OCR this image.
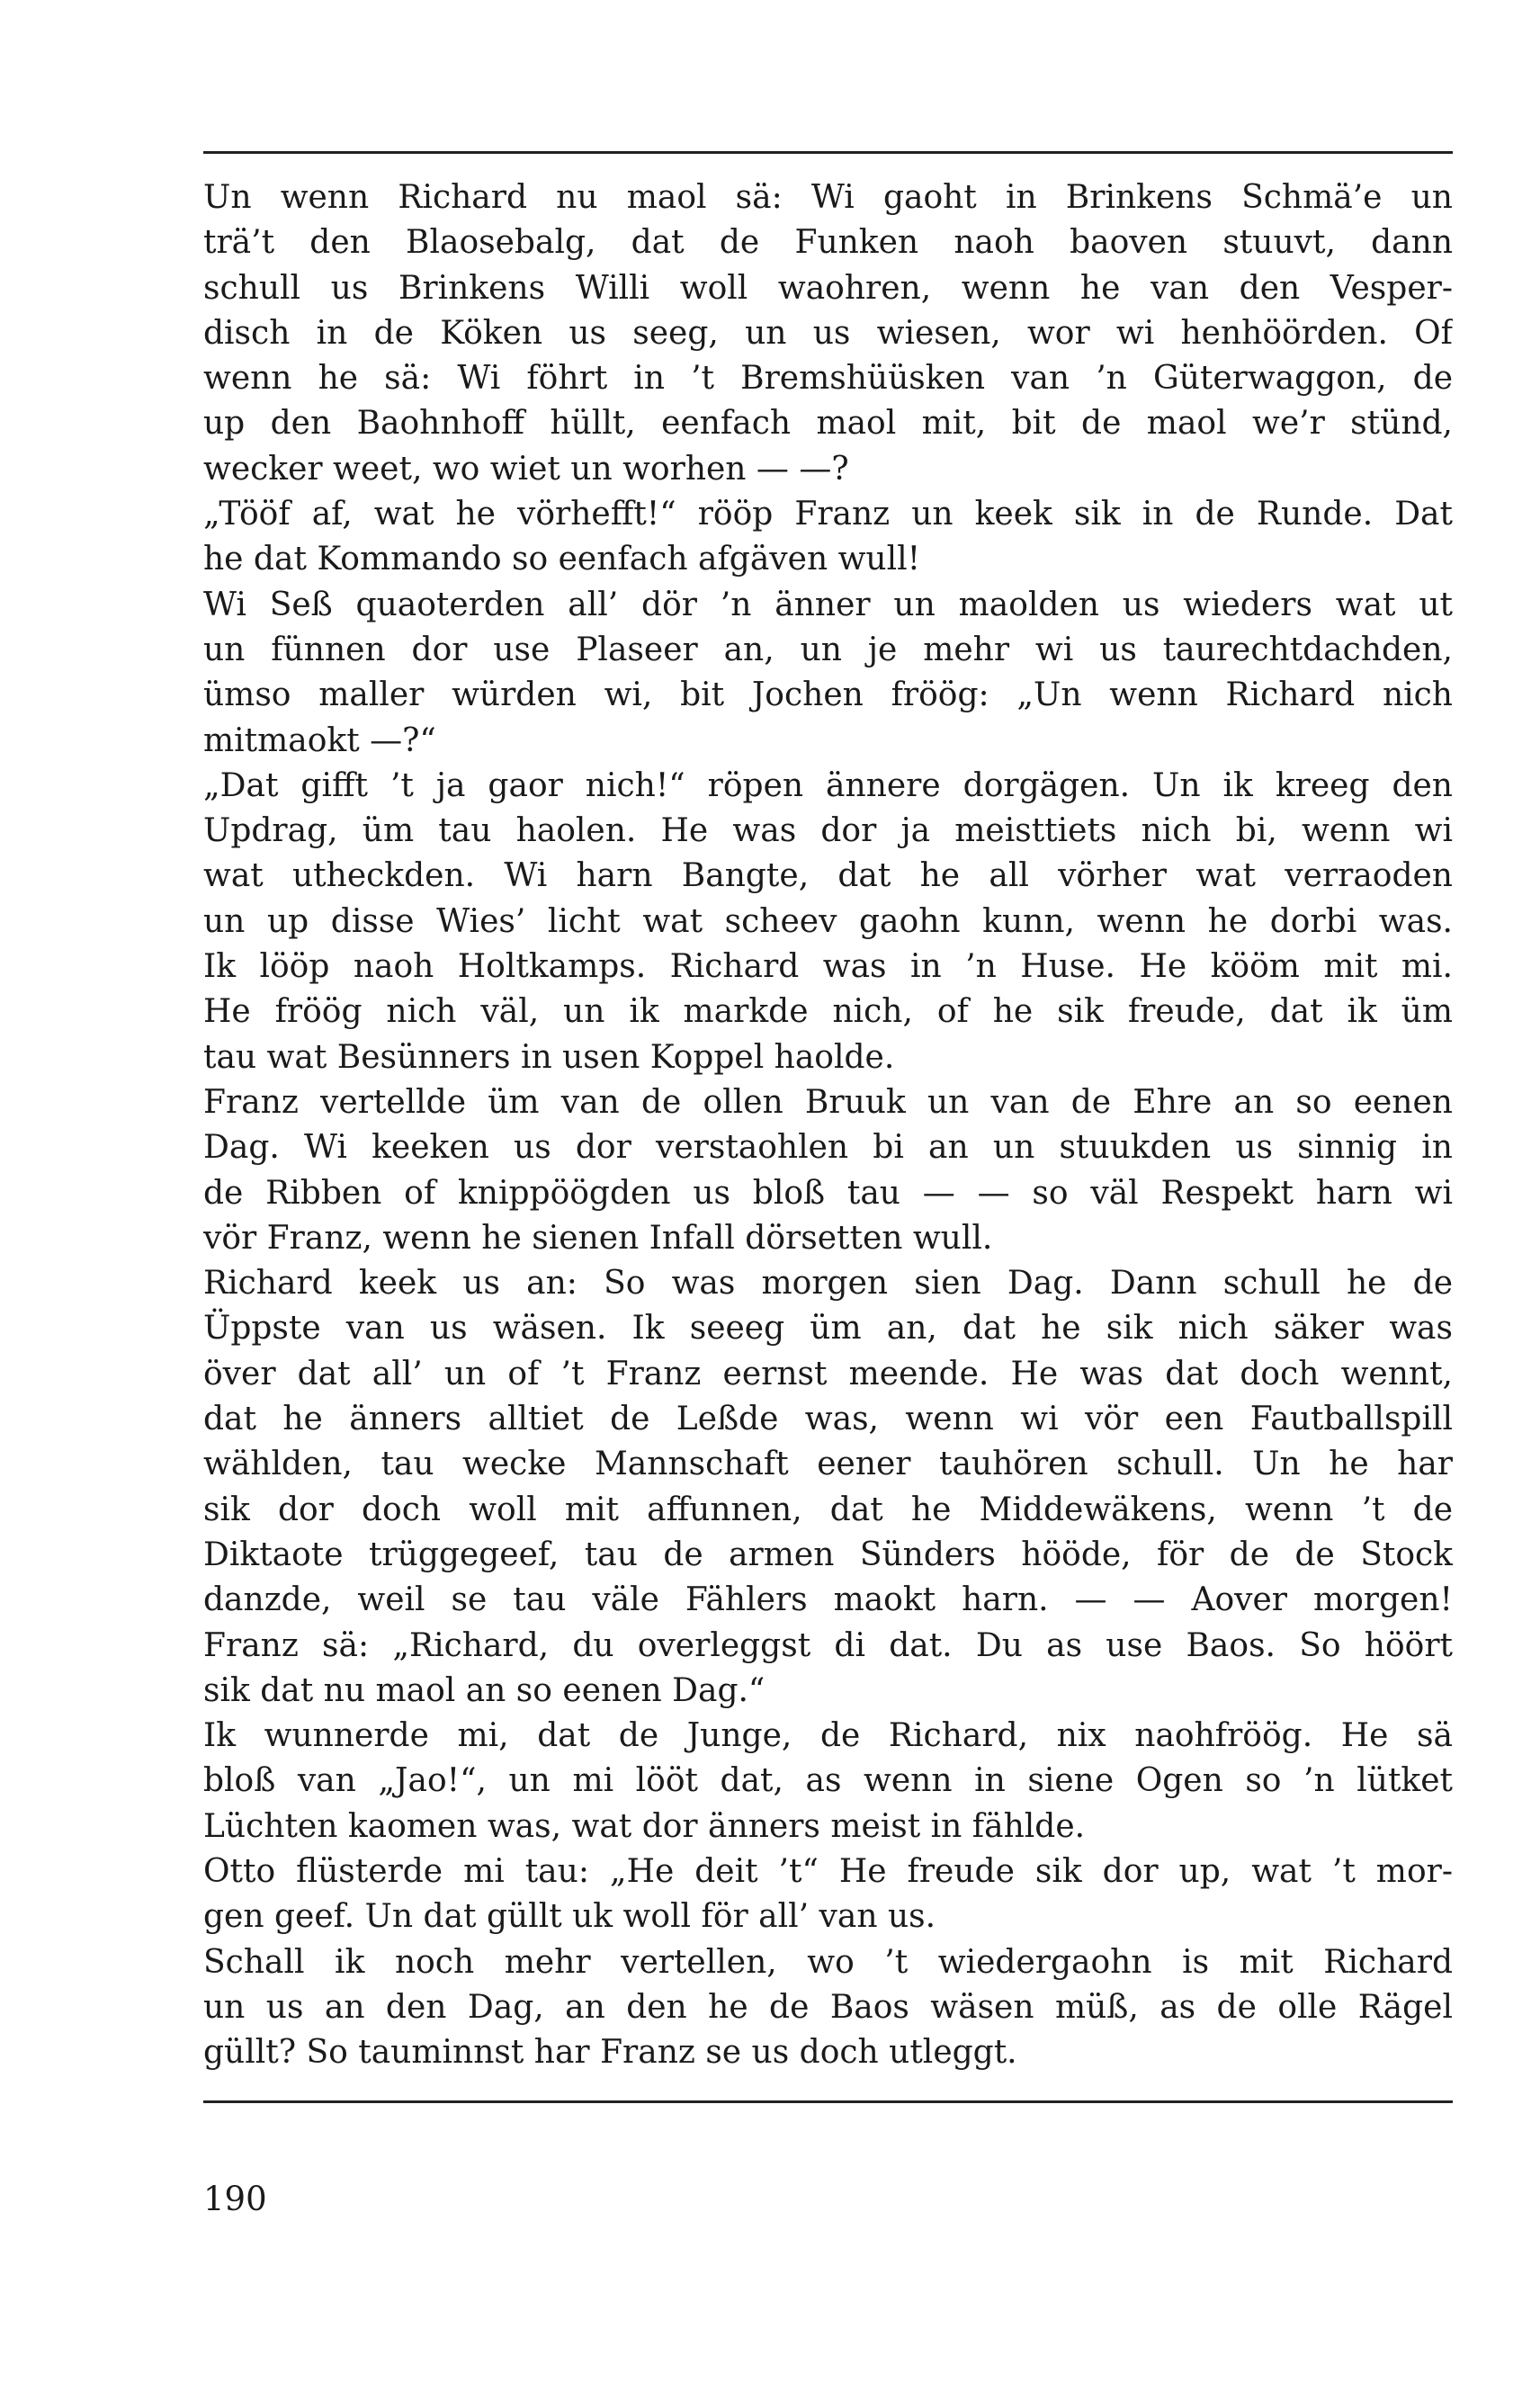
Un wenn Richard nu maol sä: Wi gaoht in Brinkens Schmä’e un
trä’t den Blaosebalg, dat de Funken naoh baoven stuuvt, dann
schull us Brinkens Willi woll waohren, wenn he van den Vesper-
disch in de Köken us seeg, un us wiesen, wor wi henhöörden. Of
wenn he sä: Wi föhrt in ’t Bremshüüsken van ’n Güterwaggon, de
up den Baohnhoff hüllt, eenfach maol mit, bit de maol we’r stünd,
wecker weet, wo wiet un worhen — —?
„Tööf af, wat he vörhefft!“ rööp Franz un keek sik in de Runde. Dat
he dat Kommando so eenfach afgäven wull!
Wi Seß quaoterden all’ dör ’n änner un maolden us wieders wat ut
un fünnen dor use Plaseer an, un je mehr wi us taurechtdachden,
ümso maller würden wi, bit Jochen fröög: „Un wenn Richard nich
mitmaokt —?“
„Dat gifft ’t ja gaor nich!“ röpen ännere dorgägen. Un ik kreeg den
Updrag, üm tau haolen. He was dor ja meisttiets nich bi, wenn wi
wat utheckden. Wi harn Bangte, dat he all vörher wat verraoden
un up disse Wies’ licht wat scheev gaohn kunn, wenn he dorbi was.
Ik lööp naoh Holtkamps. Richard was in ’n Huse. He kööm mit mi.
He fröög nich väl, un ik markde nich, of he sik freude, dat ik üm
tau wat Besünners in usen Koppel haolde.
Franz vertellde üm van de ollen Bruuk un van de Ehre an so eenen
Dag. Wi keeken us dor verstaohlen bi an un stuukden us sinnig in
de Ribben of knippöögden us bloß tau — — so väl Respekt harn wi
vör Franz, wenn he sienen Infall dörsetten wull.
Richard keek us an: So was morgen sien Dag. Dann schull he de
Üppste van us wäsen. Ik seeeg üm an, dat he sik nich säker was
över dat all’ un of ’t Franz eernst meende. He was dat doch wennt,
dat he änners alltiet de Leßde was, wenn wi vör een Fautballspill
wählden, tau wecke Mannschaft eener tauhören schull. Un he har
sik dor doch woll mit affunnen, dat he Middewäkens, wenn ’t de
Diktaote trüggegeef, tau de armen Sünders hööde, för de de Stock
danzde, weil se tau väle Fählers maokt harn. — — Aover morgen!
Franz sä: „Richard, du overleggst di dat. Du as use Baos. So höört
sik dat nu maol an so eenen Dag.“
Ik wunnerde mi, dat de Junge, de Richard, nix naohfröög. He sä
bloß van „Jao!“, un mi lööt dat, as wenn in siene Ogen so ’n lütket
Lüchten kaomen was, wat dor änners meist in fählde.
Otto flüsterde mi tau: „He deit ’t“ He freude sik dor up, wat ’t mor-
gen geef. Un dat güllt uk woll för all’ van us.
Schall ik noch mehr vertellen, wo ’t wiedergaohn is mit Richard
un us an den Dag, an den he de Baos wäsen müß, as de olle Rägel
güllt? So tauminnst har Franz se us doch utleggt.
190
